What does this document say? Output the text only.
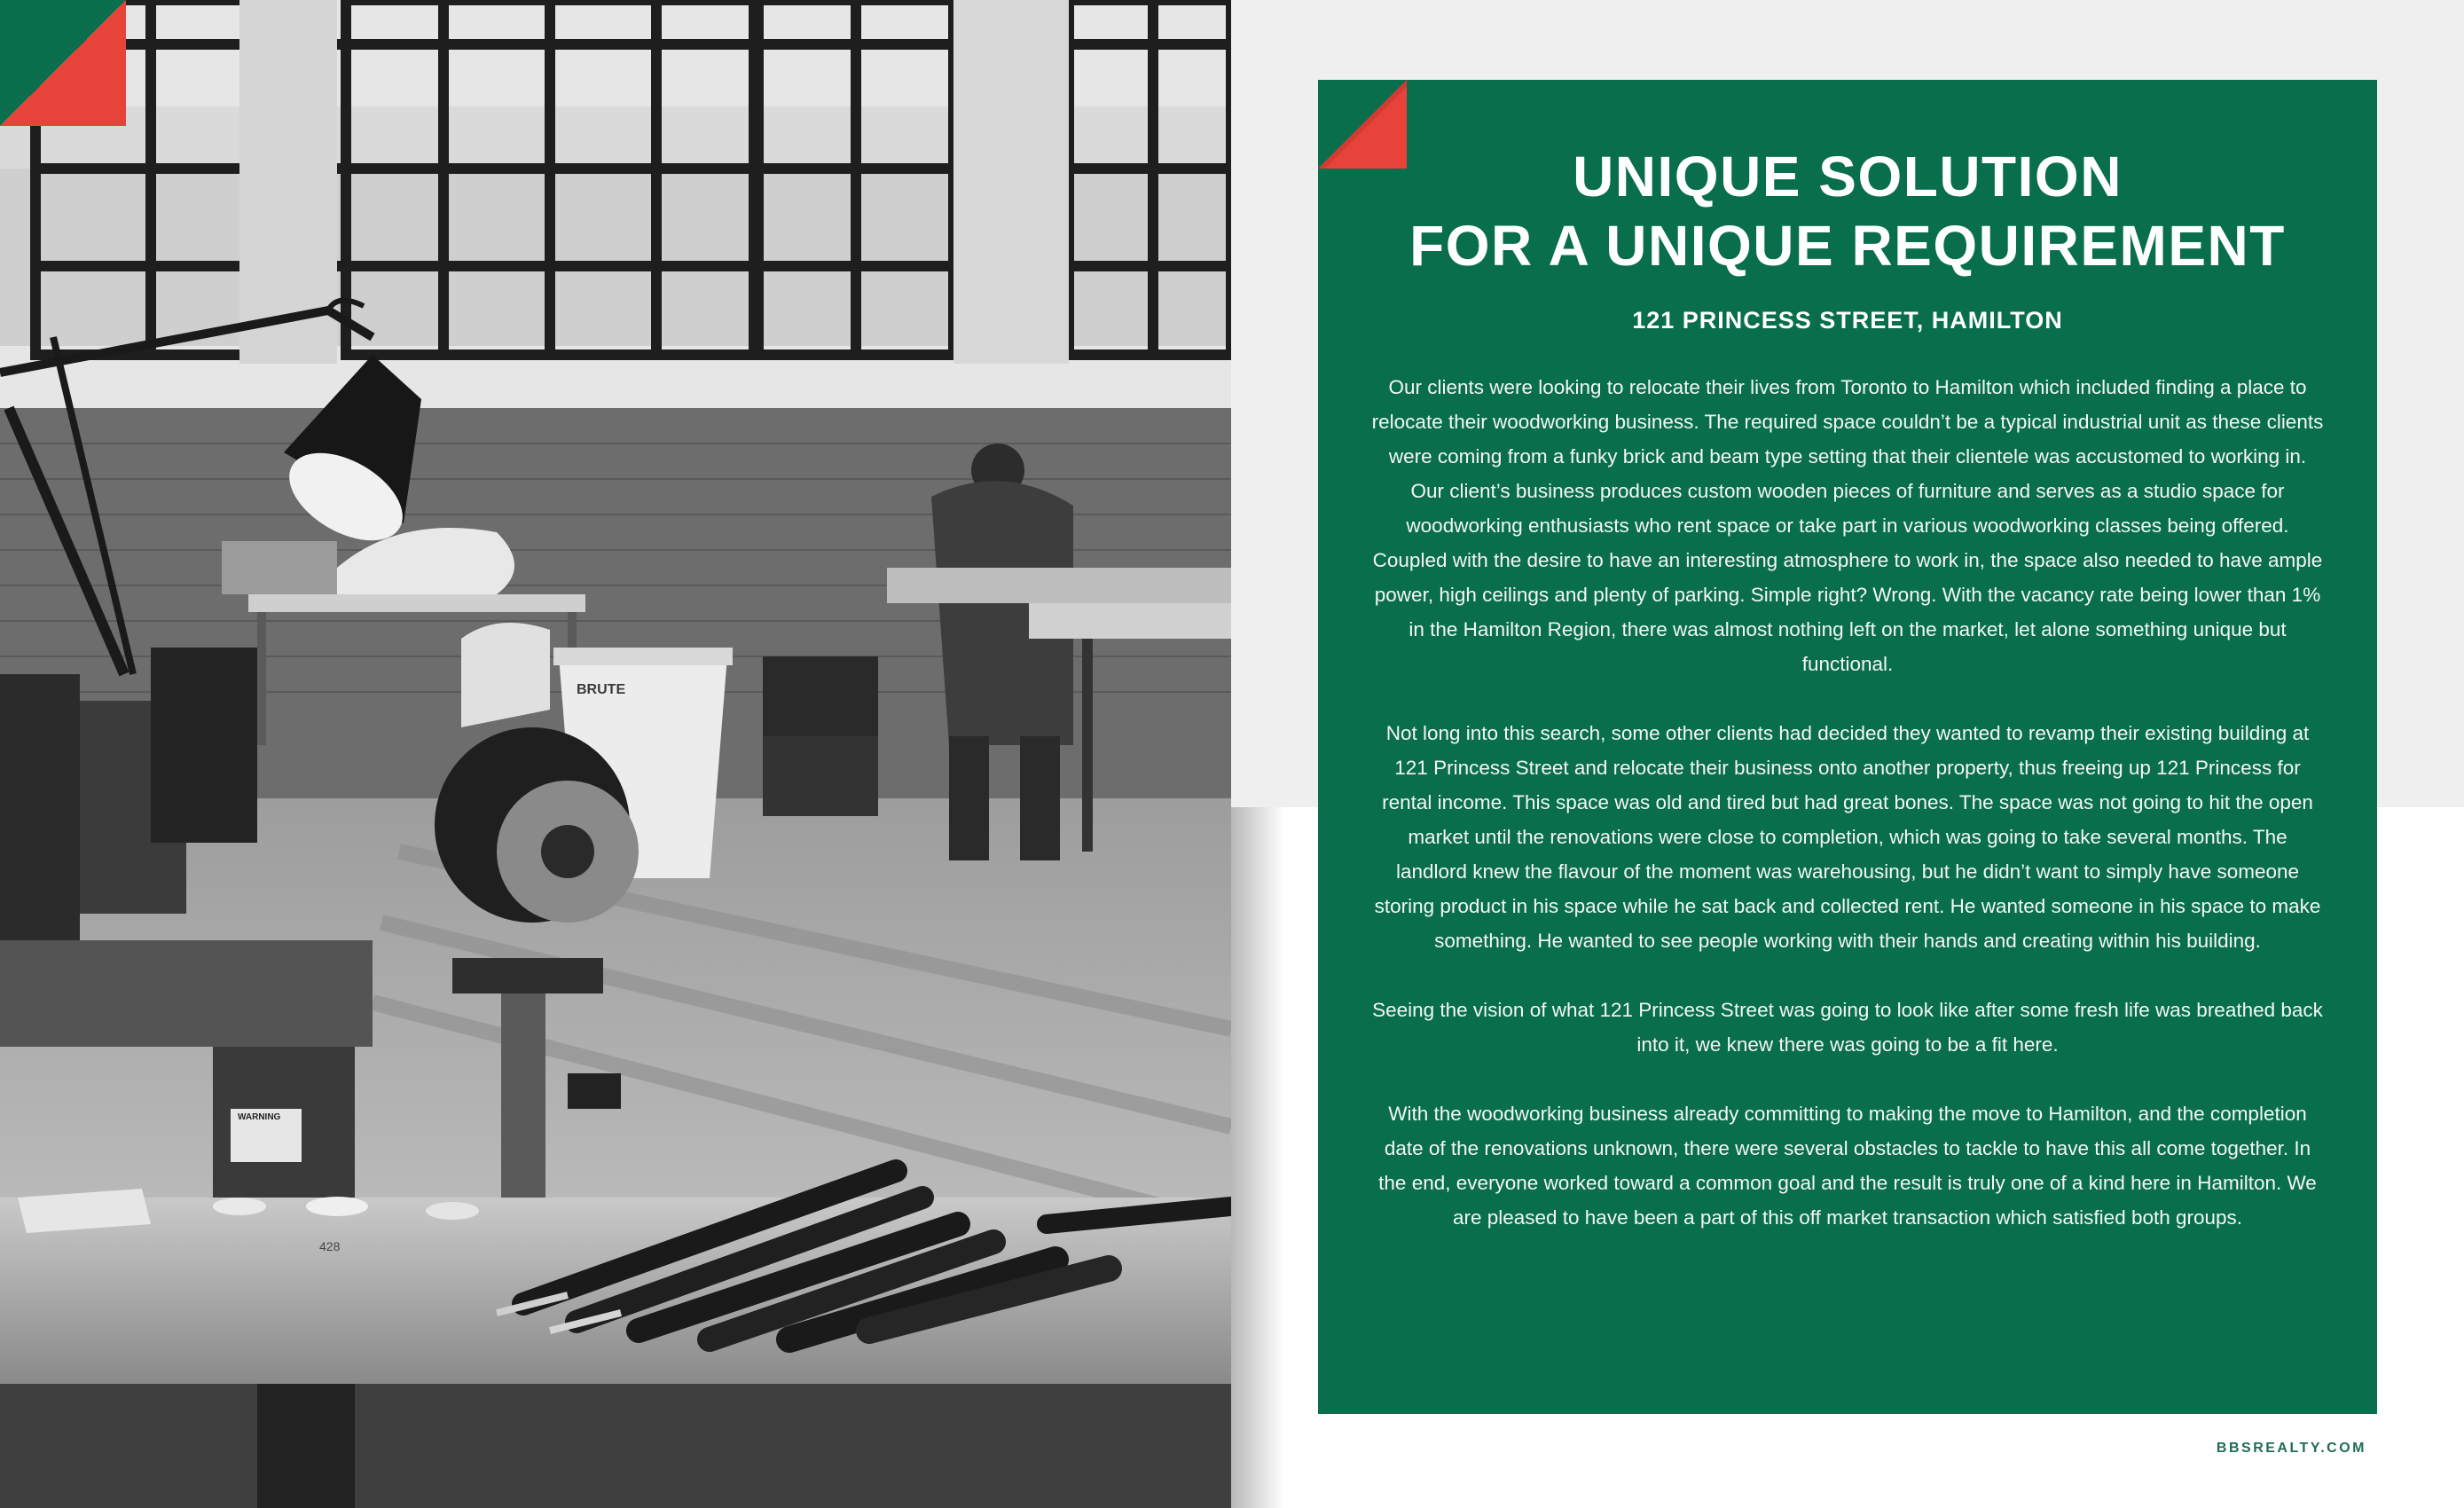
BRUTE
WARNING
428
UNIQUE SOLUTION
FOR A UNIQUE REQUIREMENT
121 PRINCESS STREET, HAMILTON

Our clients were looking to relocate their lives from Toronto to Hamilton which included finding a place to relocate their woodworking business. The required space couldn’t be a typical industrial unit as these clients were coming from a funky brick and beam type setting that their clientele was accustomed to working in. Our client’s business produces custom wooden pieces of furniture and serves as a studio space for woodworking enthusiasts who rent space or take part in various woodworking classes being offered. Coupled with the desire to have an interesting atmosphere to work in, the space also needed to have ample power, high ceilings and plenty of parking. Simple right? Wrong. With the vacancy rate being lower than 1% in the Hamilton Region, there was almost nothing left on the market, let alone something unique but functional.

Not long into this search, some other clients had decided they wanted to revamp their existing building at 121 Princess Street and relocate their business onto another property, thus freeing up 121 Princess for rental income. This space was old and tired but had great bones. The space was not going to hit the open market until the renovations were close to completion, which was going to take several months. The landlord knew the flavour of the moment was warehousing, but he didn’t want to simply have someone storing product in his space while he sat back and collected rent. He wanted someone in his space to make something. He wanted to see people working with their hands and creating within his building.

Seeing the vision of what 121 Princess Street was going to look like after some fresh life was breathed back into it, we knew there was going to be a fit here.

With the woodworking business already committing to making the move to Hamilton, and the completion date of the renovations unknown, there were several obstacles to tackle to have this all come together. In the end, everyone worked toward a common goal and the result is truly one of a kind here in Hamilton. We are pleased to have been a part of this off market transaction which satisfied both groups.

BBSREALTY.COM
